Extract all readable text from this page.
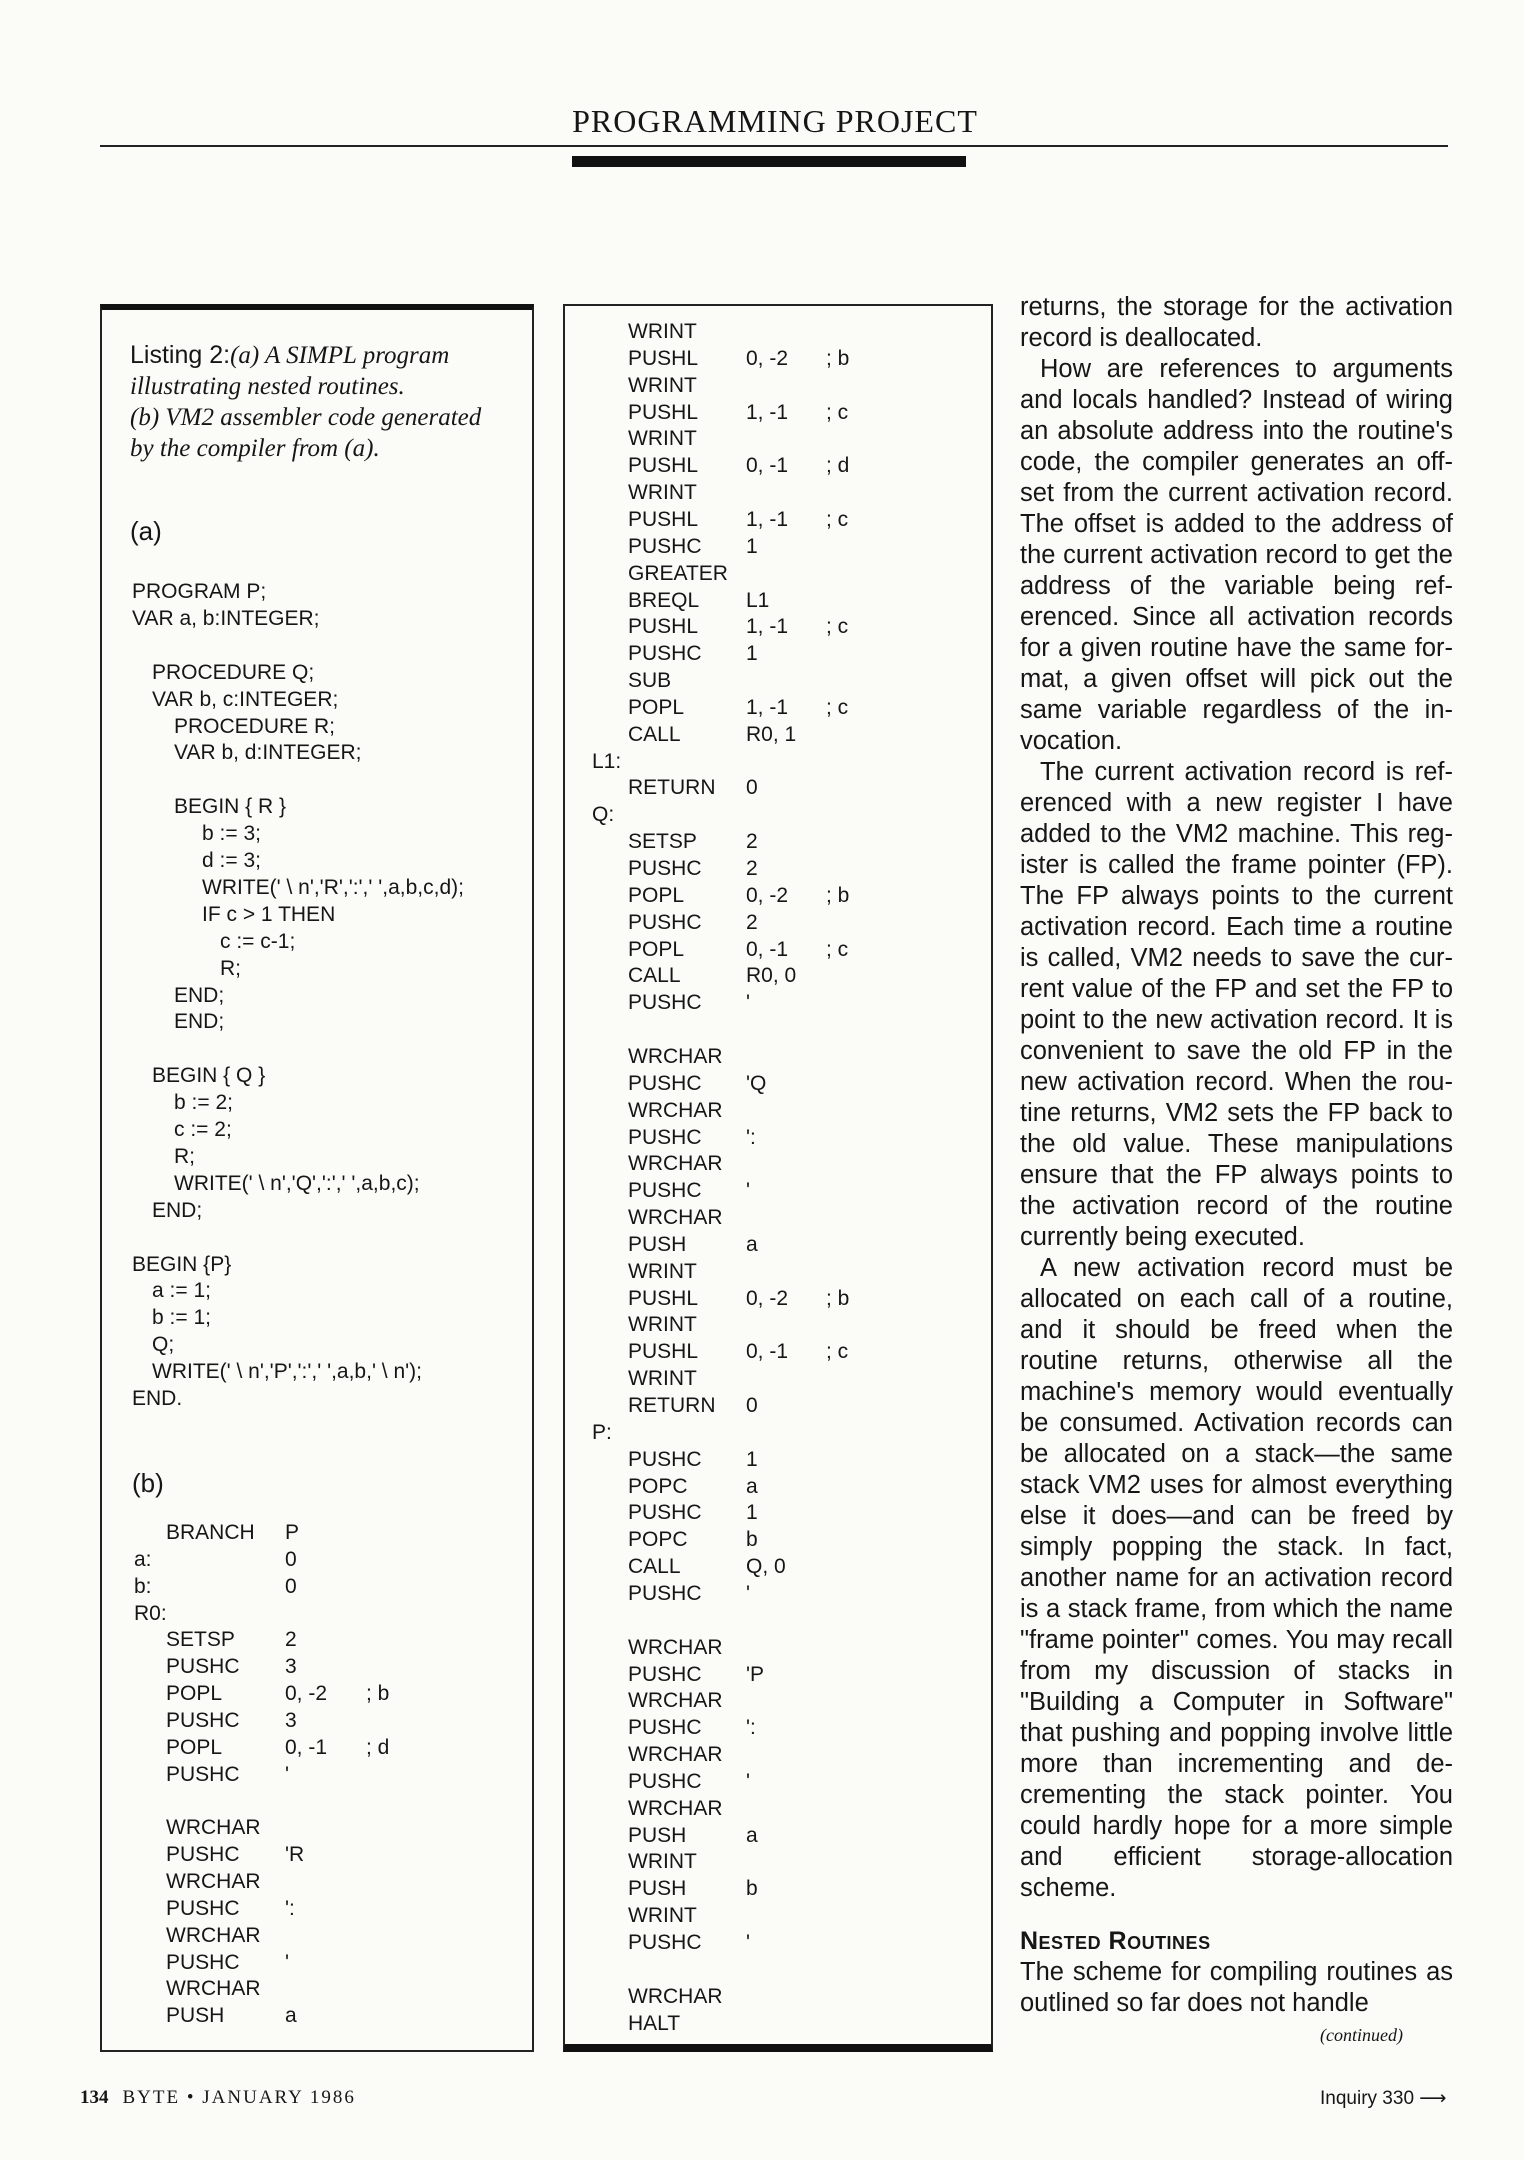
PROGRAMMING PROJECT
Listing 2:(a) A SIMPL program
illustrating nested routines.
(b) VM2 assembler code generated
by the compiler from (a).
(a)
PROGRAM P;
VAR a, b:INTEGER;
PROCEDURE Q;
VAR b, c:INTEGER;
PROCEDURE R;
VAR b, d:INTEGER;
BEGIN { R }
b := 3;
d := 3;
WRITE(' \ n','R',':',' ',a,b,c,d);
IF c > 1 THEN
c := c-1;
R;
END;
END;
BEGIN { Q }
b := 2;
c := 2;
R;
WRITE(' \ n','Q',':',' ',a,b,c);
END;
BEGIN {P}
a := 1;
b := 1;
Q;
WRITE(' \ n','P',':',' ',a,b,' \ n');
END.
(b)
BRANCH P
a:	0
b:	0
R0:
SETSP 2
PUSHC 3
POPL	0, -2 ; b
PUSHC 3
POPL	0, -1 ; d
PUSHC '
WRCHAR
PUSHC 'R
WRCHAR
PUSHC ':
WRCHAR
PUSHC '
WRCHAR
PUSH	a
WRINT
PUSHL 0, -2 ; b
WRINT
PUSHL 1, -1 ; c
WRINT
PUSHL 0, -1 ; d
WRINT
PUSHL 1, -1 ; c
PUSHC 1
GREATER
BREQL L1
PUSHL 1, -1 ; c
PUSHC 1
SUB
POPL	1, -1 ; c
CALL	R0, 1
L1:
RETURN 0
Q:
SETSP 2
PUSHC 2
POPL	0, -2 ; b
PUSHC 2
POPL	0, -1 ; c
CALL	R0, 0
PUSHC '
WRCHAR
PUSHC 'Q
WRCHAR
PUSHC ':
WRCHAR
PUSHC '
WRCHAR
PUSH	a
WRINT
PUSHL 0, -2 ; b
WRINT
PUSHL 0, -1 ; c
WRINT
RETURN 0
P:
PUSHC 1
POPC	a
PUSHC 1
POPC	b
CALL	Q, 0
PUSHC '
WRCHAR
PUSHC 'P
WRCHAR
PUSHC ':
WRCHAR
PUSHC '
WRCHAR
PUSH	a
WRINT
PUSH	b
WRINT
PUSHC '
WRCHAR
HALT

returns, the storage for the activation record is deallocated.

How are references to arguments and locals handled? Instead of wiring an absolute address into the routine's code, the compiler generates an offset from the current activation record. The offset is added to the address of the current activation record to get the address of the variable being referenced. Since all activation records for a given routine have the same format, a given offset will pick out the same variable regardless of the invocation.

The current activation record is referenced with a new register I have added to the VM2 machine. This register is called the frame pointer (FP). The FP always points to the current activation record. Each time a routine is called, VM2 needs to save the current value of the FP and set the FP to point to the new activation record. It is convenient to save the old FP in the new activation record. When the routine returns, VM2 sets the FP back to the old value. These manipulations ensure that the FP always points to the activation record of the routine currently being executed.

A new activation record must be allocated on each call of a routine, and it should be freed when the routine returns, otherwise all the machine's memory would eventually be consumed. Activation records can be allocated on a stack—the same stack VM2 uses for almost everything else it does—and can be freed by simply popping the stack. In fact, another name for an activation record is a stack frame, from which the name "frame pointer" comes. You may recall from my discussion of stacks in "Building a Computer in Software" that pushing and popping involve little more than incrementing and decrementing the stack pointer. You could hardly hope for a more simple and efficient storage-allocation scheme.

Nested Routines

The scheme for compiling routines as outlined so far does not handle

(continued)
134 BYTE • JANUARY 1986	Inquiry 330 ⟶
